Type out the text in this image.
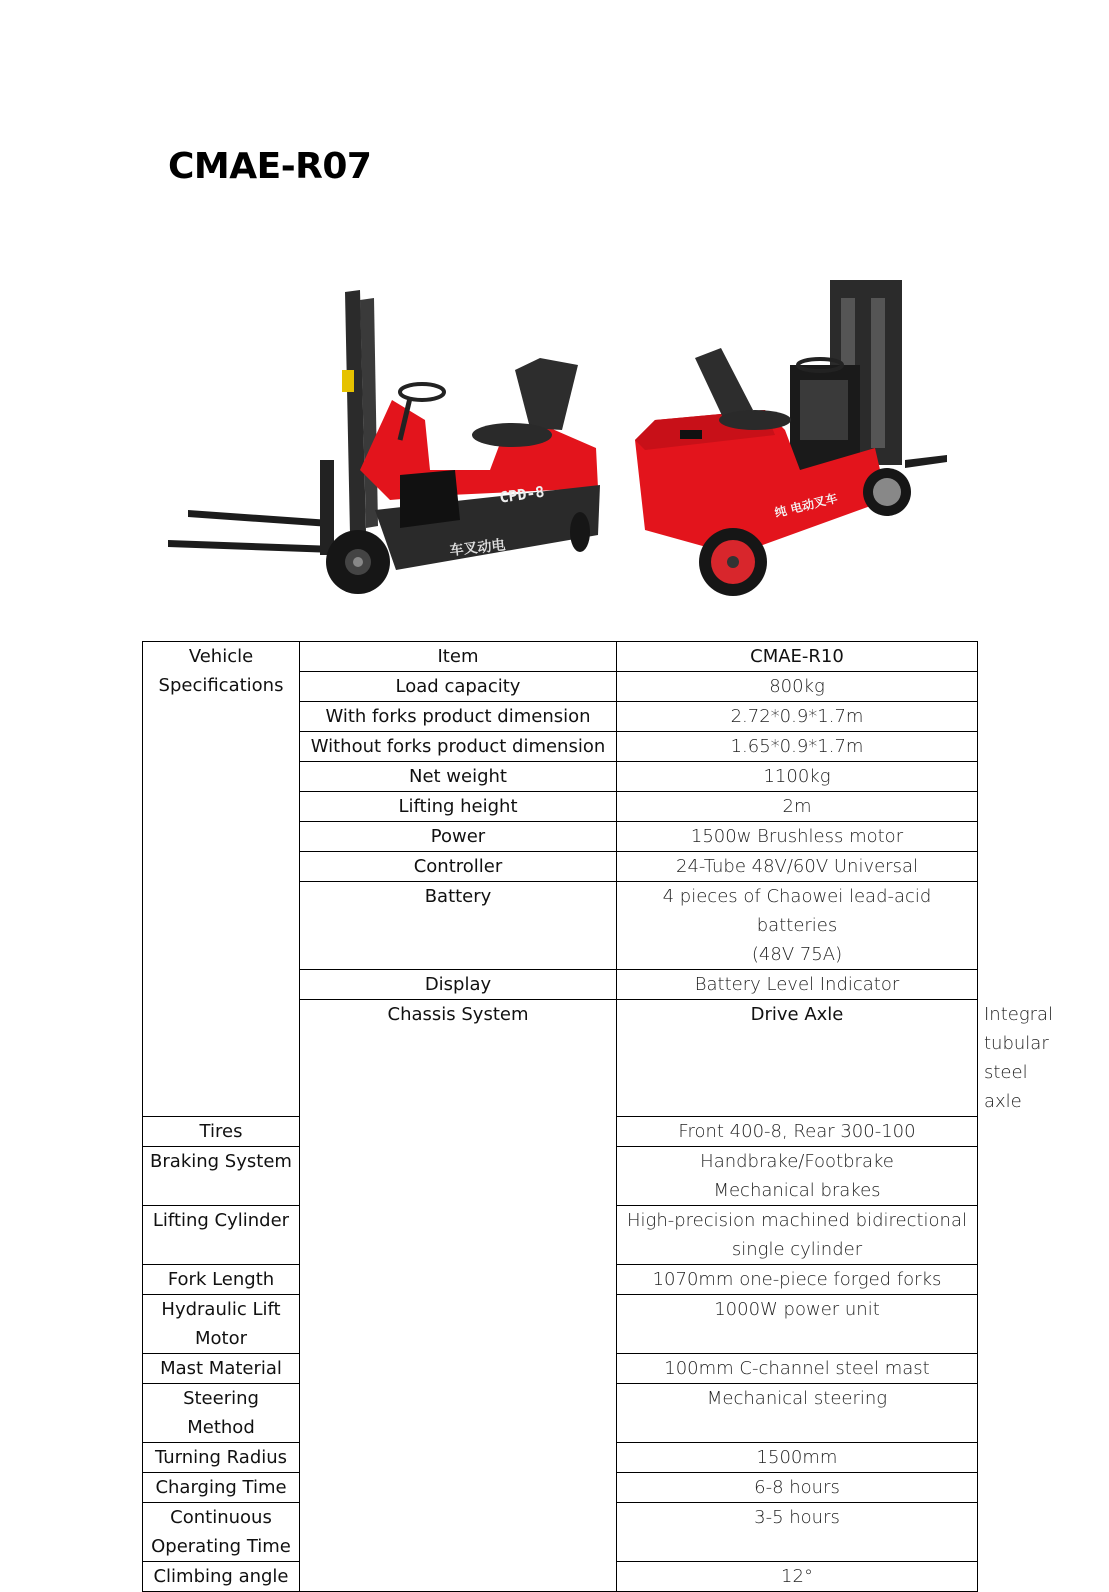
CMAE-R07
CPD-8
车叉动电
纯 电动叉车
Vehicle
Specifications	Item	CMAE-R10	
	Load capacity	800kg	
	With forks product dimension	2.72*0.9*1.7m	
	Without forks product dimension	1.65*0.9*1.7m	
	Net weight	1100kg	
	Lifting height	2m	
	Power	1500w Brushless motor	
	Controller	24-Tube 48V/60V Universal	
	Battery	4 pieces of Chaowei lead-acid batteries
(48V 75A)	
	Display	Battery Level Indicator	
	Chassis System	Drive Axle	Integral tubular steel axle
Tires		Front 400-8, Rear 300-100	
Braking System		Handbrake/Footbrake
Mechanical brakes	
Lifting Cylinder		High-precision machined bidirectional
single cylinder	
Fork Length		1070mm one-piece forged forks	
Hydraulic Lift Motor		1000W power unit	
Mast Material		100mm C-channel steel mast	
Steering Method		Mechanical steering	
Turning Radius		1500mm	
Charging Time		6-8 hours	
Continuous Operating Time		3-5 hours	
Climbing angle		12°	
